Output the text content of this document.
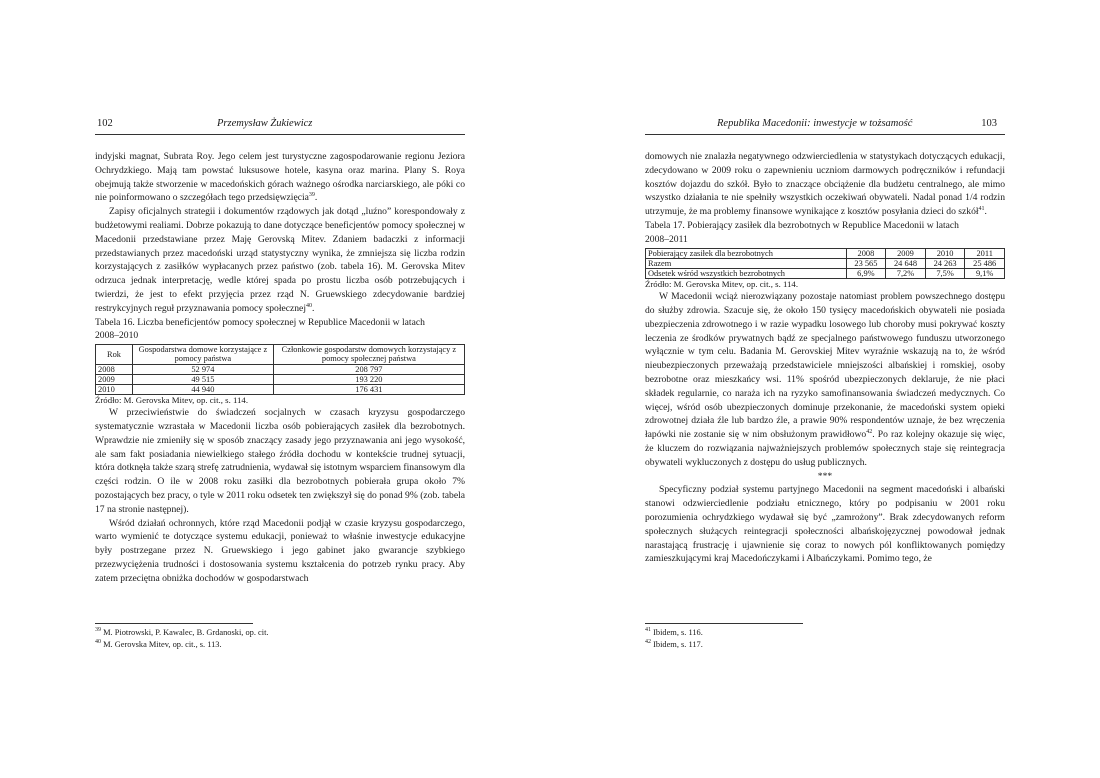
102	Przemysław Żukiewicz

indyjski magnat, Subrata Roy. Jego celem jest turystyczne zagospodarowanie regionu Jeziora Ochrydzkiego. Mają tam powstać luksusowe hotele, kasyna oraz marina. Plany S. Roya obejmują także stworzenie w macedońskich górach ważnego ośrodka narciarskiego, ale póki co nie poinformowano o szczegółach tego przedsięwzięcia$^{39}$.

Zapisy oficjalnych strategii i dokumentów rządowych jak dotąd „luźno” korespondowały z budżetowymi realiami. Dobrze pokazują to dane dotyczące beneficjentów pomocy społecznej w Macedonii przedstawiane przez Maję Gerovską Mitev. Zdaniem badaczki z informacji przedstawianych przez macedoński urząd statystyczny wynika, że zmniejsza się liczba rodzin korzystających z zasiłków wypłacanych przez państwo (zob. tabela 16). M. Gerovska Mitev odrzuca jednak interpretację, wedle której spada po prostu liczba osób potrzebujących i twierdzi, że jest to efekt przyjęcia przez rząd N. Gruewskiego zdecydowanie bardziej restrykcyjnych reguł przyznawania pomocy społecznej$^{40}$.

Tabela 16. Liczba beneficjentów pomocy społecznej w Republice Macedonii w latach

2008–2010

Rok	Gospodarstwa domowe korzystające z pomocy państwa	Członkowie gospodarstw domowych korzystający z pomocy społecznej państwa
2008	52 974	208 797
2009	49 515	193 220
2010	44 940	176 431

Źródło: M. Gerovska Mitev, op. cit., s. 114.

W przeciwieństwie do świadczeń socjalnych w czasach kryzysu gospodarczego systematycznie wzrastała w Macedonii liczba osób pobierających zasiłek dla bezrobotnych. Wprawdzie nie zmieniły się w sposób znaczący zasady jego przyznawania ani jego wysokość, ale sam fakt posiadania niewielkiego stałego źródła dochodu w kontekście trudnej sytuacji, która dotknęła także szarą strefę zatrudnienia, wydawał się istotnym wsparciem finansowym dla części rodzin. O ile w 2008 roku zasiłki dla bezrobotnych pobierała grupa około 7% pozostających bez pracy, o tyle w 2011 roku odsetek ten zwiększył się do ponad 9% (zob. tabela 17 na stronie następnej).

Wśród działań ochronnych, które rząd Macedonii podjął w czasie kryzysu gospodarczego, warto wymienić te dotyczące systemu edukacji, ponieważ to właśnie inwestycje edukacyjne były postrzegane przez N. Gruewskiego i jego gabinet jako gwarancje szybkiego przezwyciężenia trudności i dostosowania systemu kształcenia do potrzeb rynku pracy. Aby zatem przeciętna obniżka dochodów w gospodarstwach

$^{39}$ M. Piotrowski, P. Kawalec, B. Grdanoski, op. cit.
$^{40}$ M. Gerovska Mitev, op. cit., s. 113.
Republika Macedonii: inwestycje w tożsamość	103

domowych nie znalazła negatywnego odzwierciedlenia w statystykach dotyczących edukacji, zdecydowano w 2009 roku o zapewnieniu uczniom darmowych podręczników i refundacji kosztów dojazdu do szkół. Było to znaczące obciążenie dla budżetu centralnego, ale mimo wszystko działania te nie spełniły wszystkich oczekiwań obywateli. Nadal ponad 1/4 rodzin utrzymuje, że ma problemy finansowe wynikające z kosztów posyłania dzieci do szkół$^{41}$.

Tabela 17. Pobierający zasiłek dla bezrobotnych w Republice Macedonii w latach

2008–2011

Pobierający zasiłek dla bezrobotnych	2008	2009	2010	2011
Razem	23 565	24 648	24 263	25 486
Odsetek wśród wszystkich bezrobotnych	6,9%	7,2%	7,5%	9,1%

Źródło: M. Gerovska Mitev, op. cit., s. 114.

W Macedonii wciąż nierozwiązany pozostaje natomiast problem powszechnego dostępu do służby zdrowia. Szacuje się, że około 150 tysięcy macedońskich obywateli nie posiada ubezpieczenia zdrowotnego i w razie wypadku losowego lub choroby musi pokrywać koszty leczenia ze środków prywatnych bądź ze specjalnego państwowego funduszu utworzonego wyłącznie w tym celu. Badania M. Gerovskiej Mitev wyraźnie wskazują na to, że wśród nieubezpieczonych przeważają przedstawiciele mniejszości albańskiej i romskiej, osoby bezrobotne oraz mieszkańcy wsi. 11% spośród ubezpieczonych deklaruje, że nie płaci składek regularnie, co naraża ich na ryzyko samofinansowania świadczeń medycznych. Co więcej, wśród osób ubezpieczonych dominuje przekonanie, że macedoński system opieki zdrowotnej działa źle lub bardzo źle, a prawie 90% respondentów uznaje, że bez wręczenia łapówki nie zostanie się w nim obsłużonym prawidłowo$^{42}$. Po raz kolejny okazuje się więc, że kluczem do rozwiązania najważniejszych problemów społecznych staje się reintegracja obywateli wykluczonych z dostępu do usług publicznych.

***

Specyficzny podział systemu partyjnego Macedonii na segment macedoński i albański stanowi odzwierciedlenie podziału etnicznego, który po podpisaniu w 2001 roku porozumienia ochrydzkiego wydawał się być „zamrożony”. Brak zdecydowanych reform społecznych służących reintegracji społeczności albańskojęzycznej powodował jednak narastającą frustrację i ujawnienie się coraz to nowych pól konfliktowanych pomiędzy zamieszkującymi kraj Macedończykami i Albańczykami. Pomimo tego, że

$^{41}$ Ibidem, s. 116.
$^{42}$ Ibidem, s. 117.
